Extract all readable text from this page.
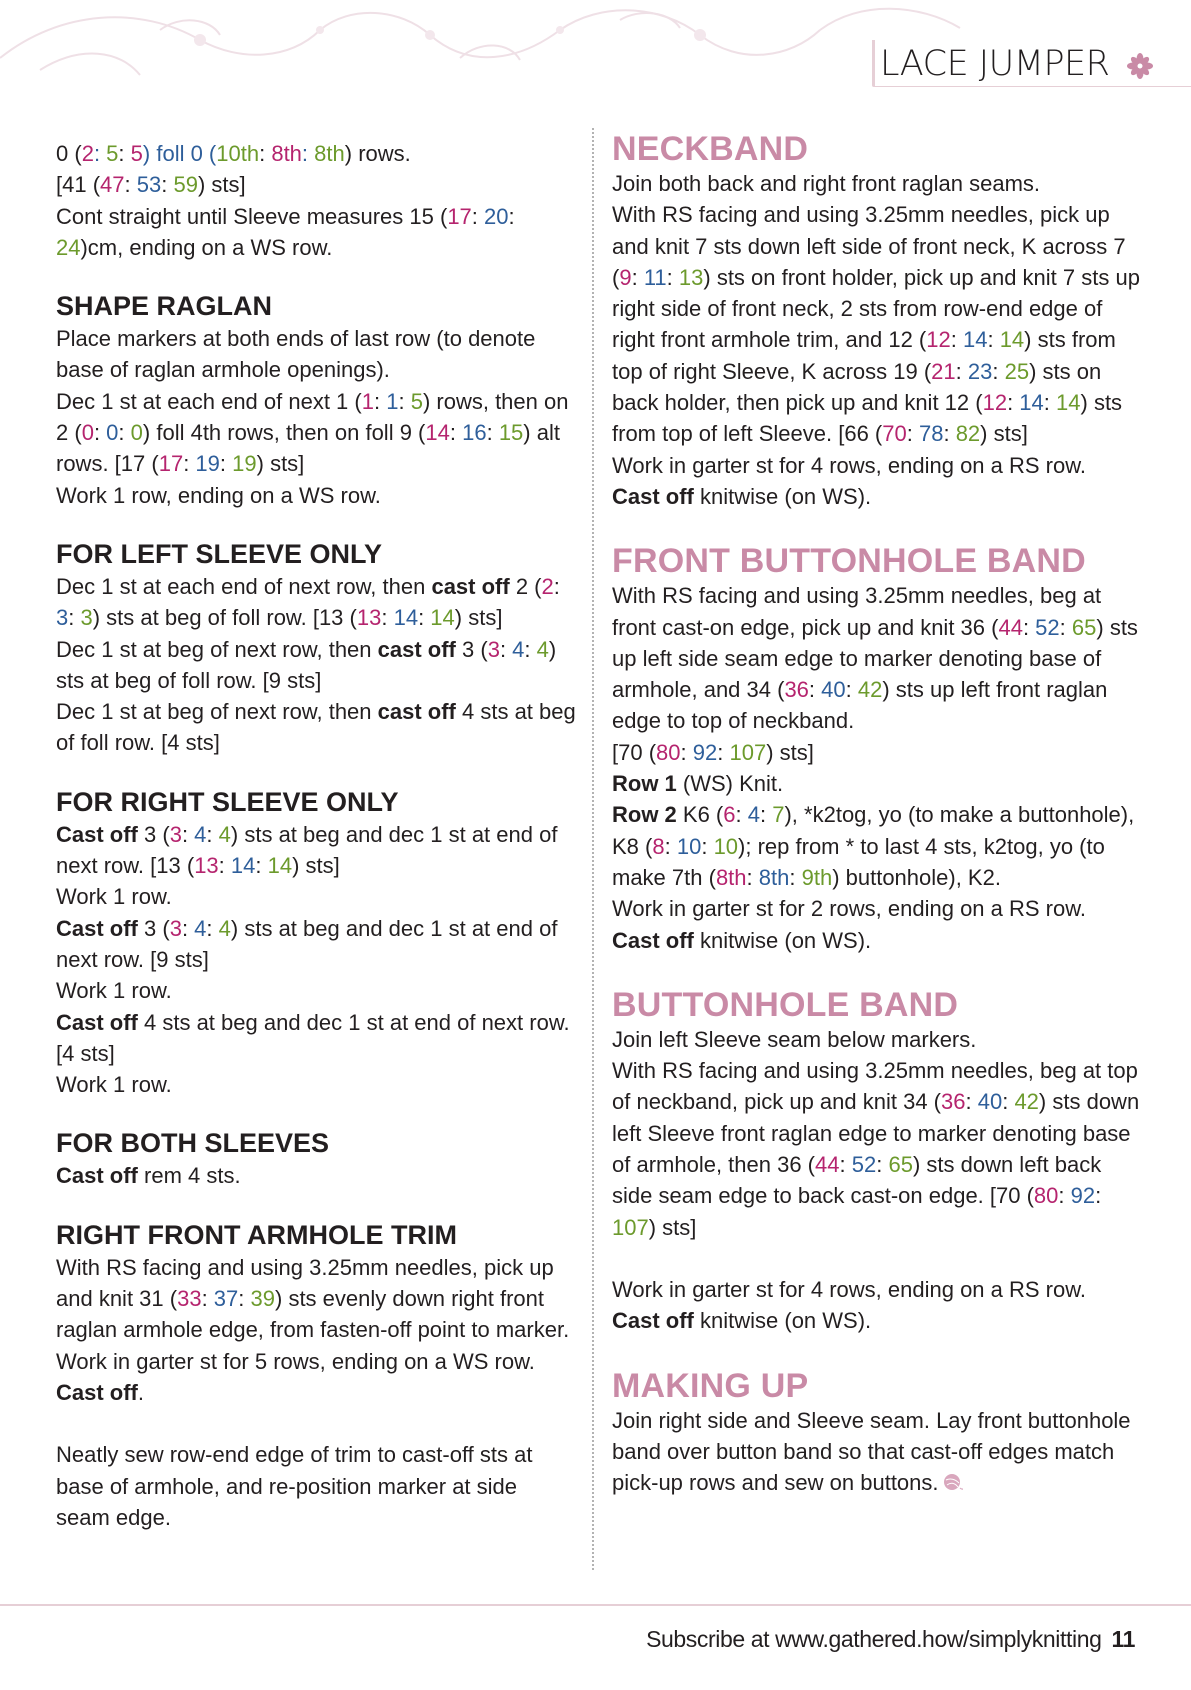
LACE JUMPER

0 (2: 5: 5) foll 0 (10th: 8th: 8th) rows.

[41 (47: 53: 59) sts]

Cont straight until Sleeve measures 15 (17: 20: 24)cm, ending on a WS row.

SHAPE RAGLAN

Place markers at both ends of last row (to denote base of raglan armhole openings).

Dec 1 st at each end of next 1 (1: 1: 5) rows, then on 2 (0: 0: 0) foll 4th rows, then on foll 9 (14: 16: 15) alt rows. [17 (17: 19: 19) sts]

Work 1 row, ending on a WS row.

FOR LEFT SLEEVE ONLY

Dec 1 st at each end of next row, then cast off 2 (2: 3: 3) sts at beg of foll row. [13 (13: 14: 14) sts]

Dec 1 st at beg of next row, then cast off 3 (3: 4: 4) sts at beg of foll row. [9 sts]

Dec 1 st at beg of next row, then cast off 4 sts at beg of foll row. [4 sts]

FOR RIGHT SLEEVE ONLY

Cast off 3 (3: 4: 4) sts at beg and dec 1 st at end of next row. [13 (13: 14: 14) sts]

Work 1 row.

Cast off 3 (3: 4: 4) sts at beg and dec 1 st at end of next row. [9 sts]

Work 1 row.

Cast off 4 sts at beg and dec 1 st at end of next row. [4 sts]

Work 1 row.

FOR BOTH SLEEVES

Cast off rem 4 sts.

RIGHT FRONT ARMHOLE TRIM

With RS facing and using 3.25mm needles, pick up and knit 31 (33: 37: 39) sts evenly down right front raglan armhole edge, from fasten-off point to marker.

Work in garter st for 5 rows, ending on a WS row.

Cast off.

Neatly sew row-end edge of trim to cast-off sts at base of armhole, and re-position marker at side seam edge.

NECKBAND

Join both back and right front raglan seams.

With RS facing and using 3.25mm needles, pick up and knit 7 sts down left side of front neck, K across 7 (9: 11: 13) sts on front holder, pick up and knit 7 sts up right side of front neck, 2 sts from row-end edge of right front armhole trim, and 12 (12: 14: 14) sts from top of right Sleeve, K across 19 (21: 23: 25) sts on back holder, then pick up and knit 12 (12: 14: 14) sts from top of left Sleeve. [66 (70: 78: 82) sts]

Work in garter st for 4 rows, ending on a RS row.

Cast off knitwise (on WS).

FRONT BUTTONHOLE BAND

With RS facing and using 3.25mm needles, beg at front cast-on edge, pick up and knit 36 (44: 52: 65) sts up left side seam edge to marker denoting base of armhole, and 34 (36: 40: 42) sts up left front raglan edge to top of neckband.

[70 (80: 92: 107) sts]

Row 1 (WS) Knit.

Row 2 K6 (6: 4: 7), *k2tog, yo (to make a buttonhole), K8 (8: 10: 10); rep from * to last 4 sts, k2tog, yo (to make 7th (8th: 8th: 9th) buttonhole), K2.

Work in garter st for 2 rows, ending on a RS row.

Cast off knitwise (on WS).

BUTTONHOLE BAND

Join left Sleeve seam below markers.

With RS facing and using 3.25mm needles, beg at top of neckband, pick up and knit 34 (36: 40: 42) sts down left Sleeve front raglan edge to marker denoting base of armhole, then 36 (44: 52: 65) sts down left back side seam edge to back cast-on edge. [70 (80: 92: 107) sts]

Work in garter st for 4 rows, ending on a RS row.

Cast off knitwise (on WS).

MAKING UP

Join right side and Sleeve seam. Lay front buttonhole band over button band so that cast-off edges match pick-up rows and sew on buttons.

Subscribe at www.gathered.how/simplyknitting 11
